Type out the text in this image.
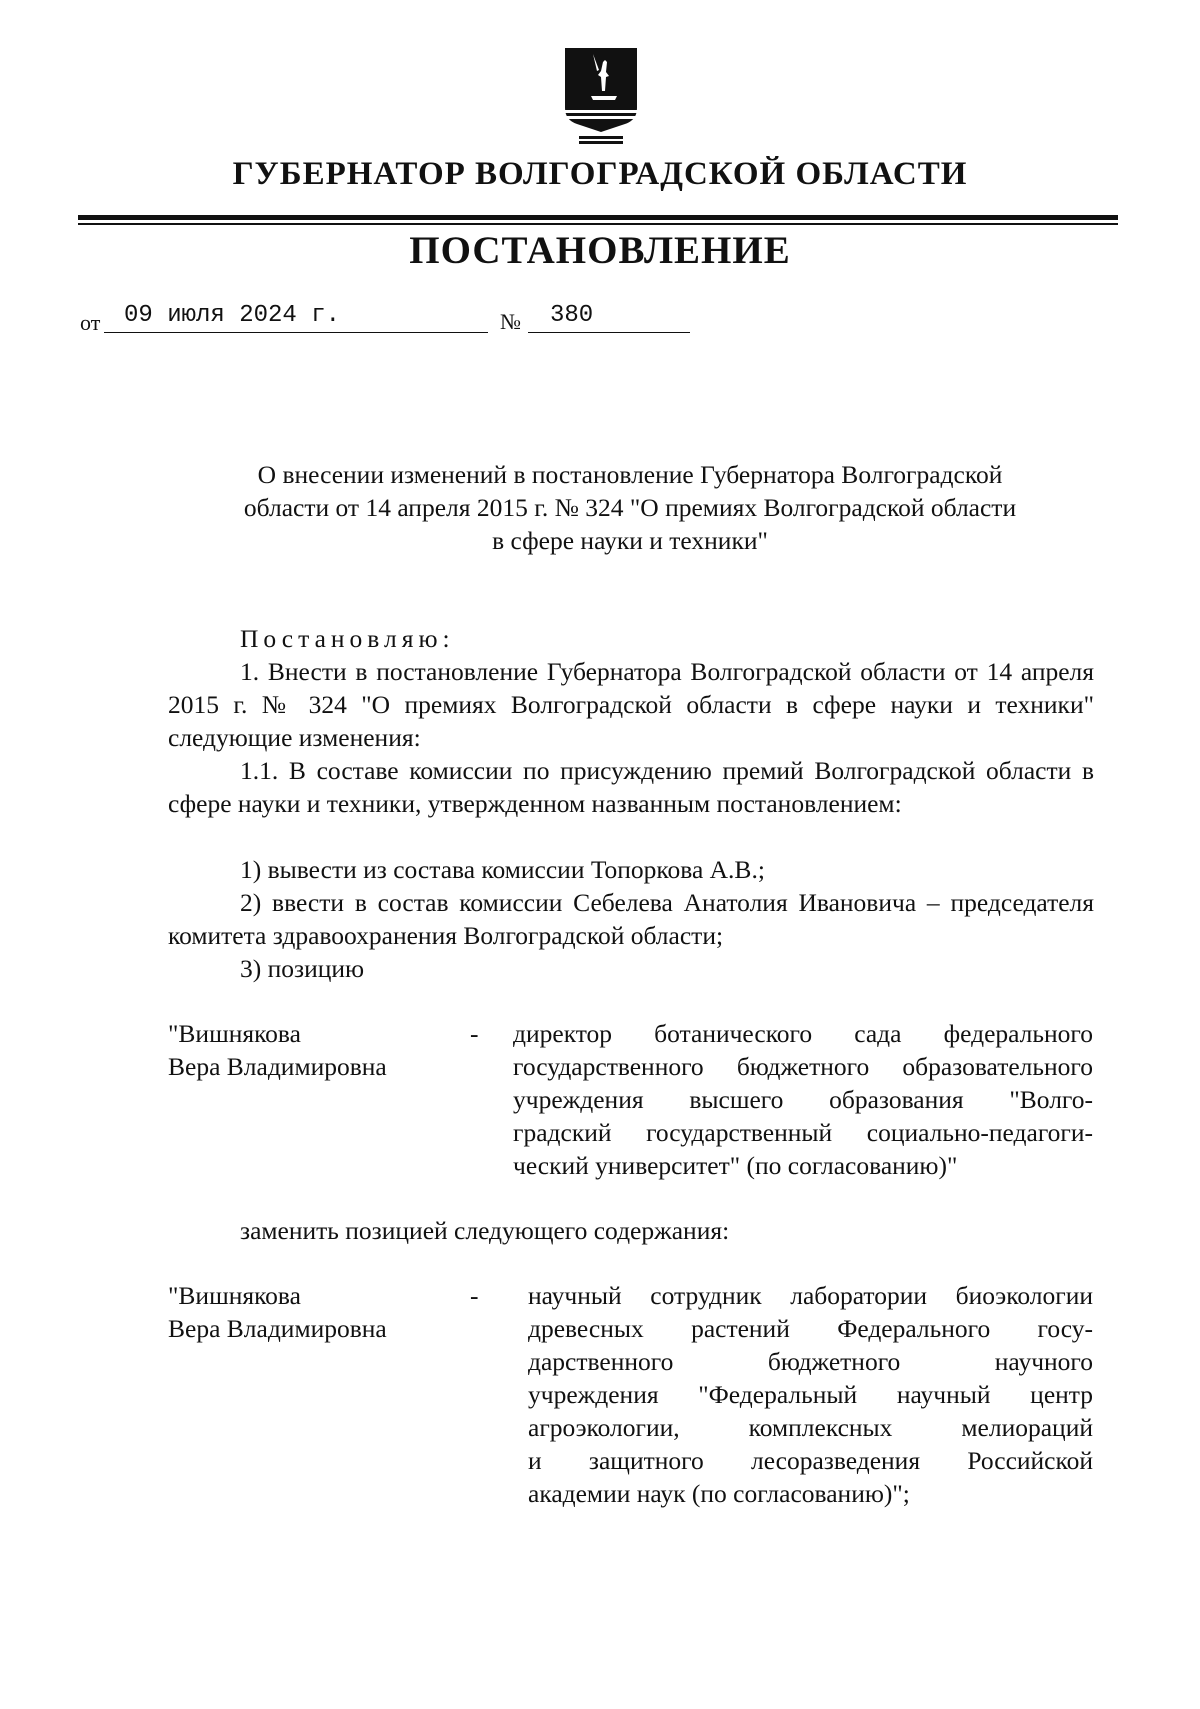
ГУБЕРНАТОР ВОЛГОГРАДСКОЙ ОБЛАСТИ
ПОСТАНОВЛЕНИЕ
от 09 июля 2024 г.	№ 380
О внесении изменений в постановление Губернатора Волгоградской
области от 14 апреля 2015 г. № 324 "О премиях Волгоградской области
в сфере науки и техники"

Постановляю:

1. Внести в постановление Губернатора Волгоградской области от 14 апреля 2015 г. № 324 "О премиях Волгоградской области в сфере науки и техники" следующие изменения:

1.1. В составе комиссии по присуждению премий Волгоградской области в сфере науки и техники, утвержденном названным постановлением:

1) вывести из состава комиссии Топоркова А.В.;

2) ввести в состав комиссии Себелева Анатолия Ивановича – председателя комитета здравоохранения Волгоградской области;

3) позицию

"Вишнякова
Вера Владимировна
- директор ботанического сада федерального
государственного бюджетного образовательного
учреждения высшего образования "Волго-
градский государственный социально-педагоги-
ческий университет" (по согласованию)"

заменить позицией следующего содержания:

"Вишнякова
Вера Владимировна
- научный сотрудник лаборатории биоэкологии
древесных растений Федерального госу-
дарственного бюджетного научного
учреждения "Федеральный научный центр
агроэкологии, комплексных мелиораций
и защитного лесоразведения Российской
академии наук (по согласованию)";
